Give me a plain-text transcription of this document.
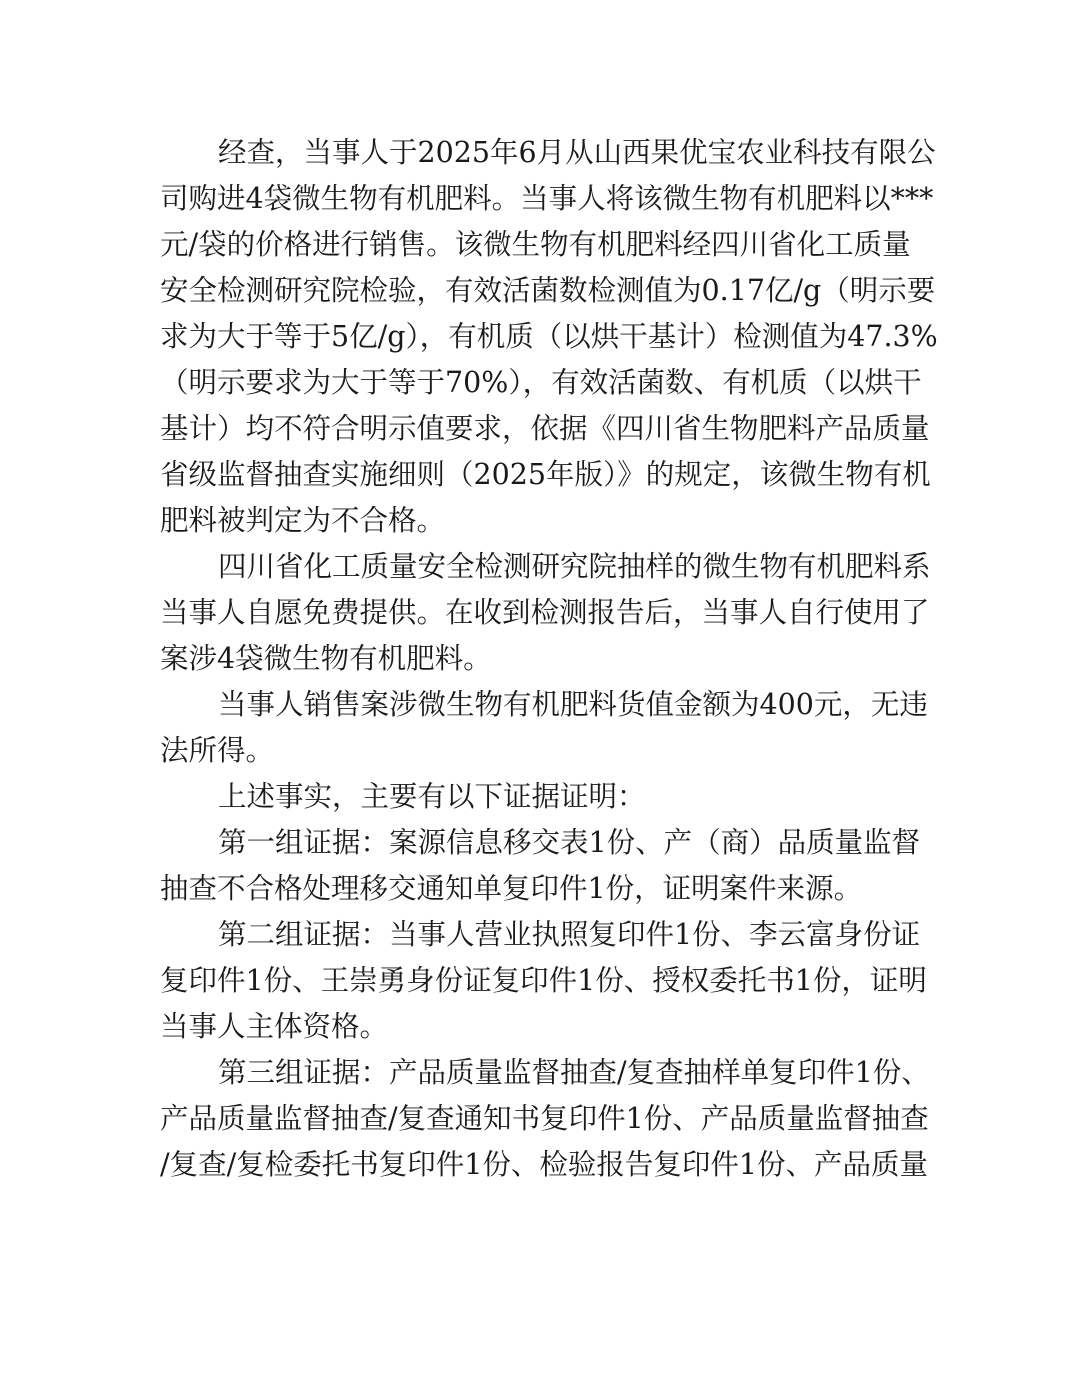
经查，当事人于2025年6月从山西果优宝农业科技有限公
司购进4袋微生物有机肥料。当事人将该微生物有机肥料以***
元/袋的价格进行销售。该微生物有机肥料经四川省化工质量
安全检测研究院检验，有效活菌数检测值为0.17亿/g（明示要
求为大于等于5亿/g），有机质（以烘干基计）检测值为47.3%
（明示要求为大于等于70%），有效活菌数、有机质（以烘干
基计）均不符合明示值要求，依据《四川省生物肥料产品质量
省级监督抽查实施细则（2025年版）》的规定，该微生物有机
肥料被判定为不合格。
四川省化工质量安全检测研究院抽样的微生物有机肥料系
当事人自愿免费提供。在收到检测报告后，当事人自行使用了
案涉4袋微生物有机肥料。
当事人销售案涉微生物有机肥料货值金额为400元，无违
法所得。
上述事实，主要有以下证据证明：
第一组证据：案源信息移交表1份、产（商）品质量监督
抽查不合格处理移交通知单复印件1份，证明案件来源。
第二组证据：当事人营业执照复印件1份、李云富身份证
复印件1份、王崇勇身份证复印件1份、授权委托书1份，证明
当事人主体资格。
第三组证据：产品质量监督抽查/复查抽样单复印件1份、
产品质量监督抽查/复查通知书复印件1份、产品质量监督抽查
/复查/复检委托书复印件1份、检验报告复印件1份、产品质量
